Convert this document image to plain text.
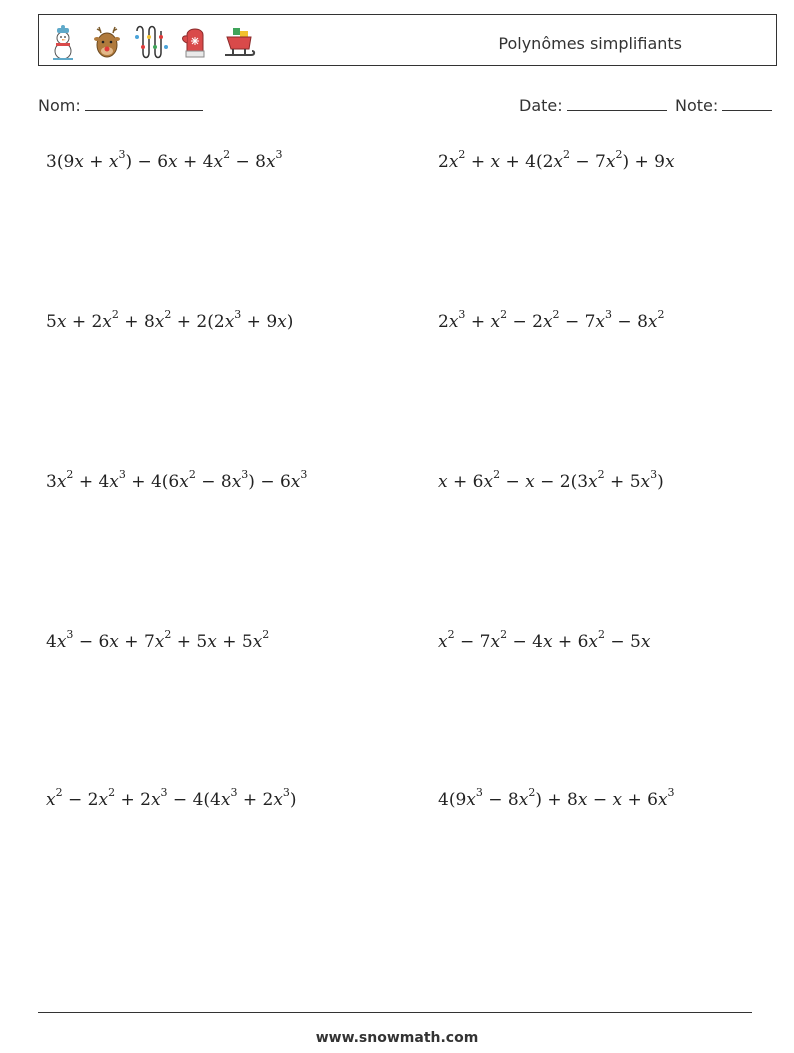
Polynômes simplifiants
Nom:	Date:	Note:
$3(9x + x^3) - 6x + 4x^2 - 8x^3$	$2x^2 + x + 4(2x^2 - 7x^2) + 9x$
$5x + 2x^2 + 8x^2 + 2(2x^3 + 9x)$	$2x^3 + x^2 - 2x^2 - 7x^3 - 8x^2$
$3x^2 + 4x^3 + 4(6x^2 - 8x^3) - 6x^3$	$x + 6x^2 - x - 2(3x^2 + 5x^3)$
$4x^3 - 6x + 7x^2 + 5x + 5x^2$	$x^2 - 7x^2 - 4x + 6x^2 - 5x$
$x^2 - 2x^2 + 2x^3 - 4(4x^3 + 2x^3)$	$4(9x^3 - 8x^2) + 8x - x + 6x^3$
www.snowmath.com
